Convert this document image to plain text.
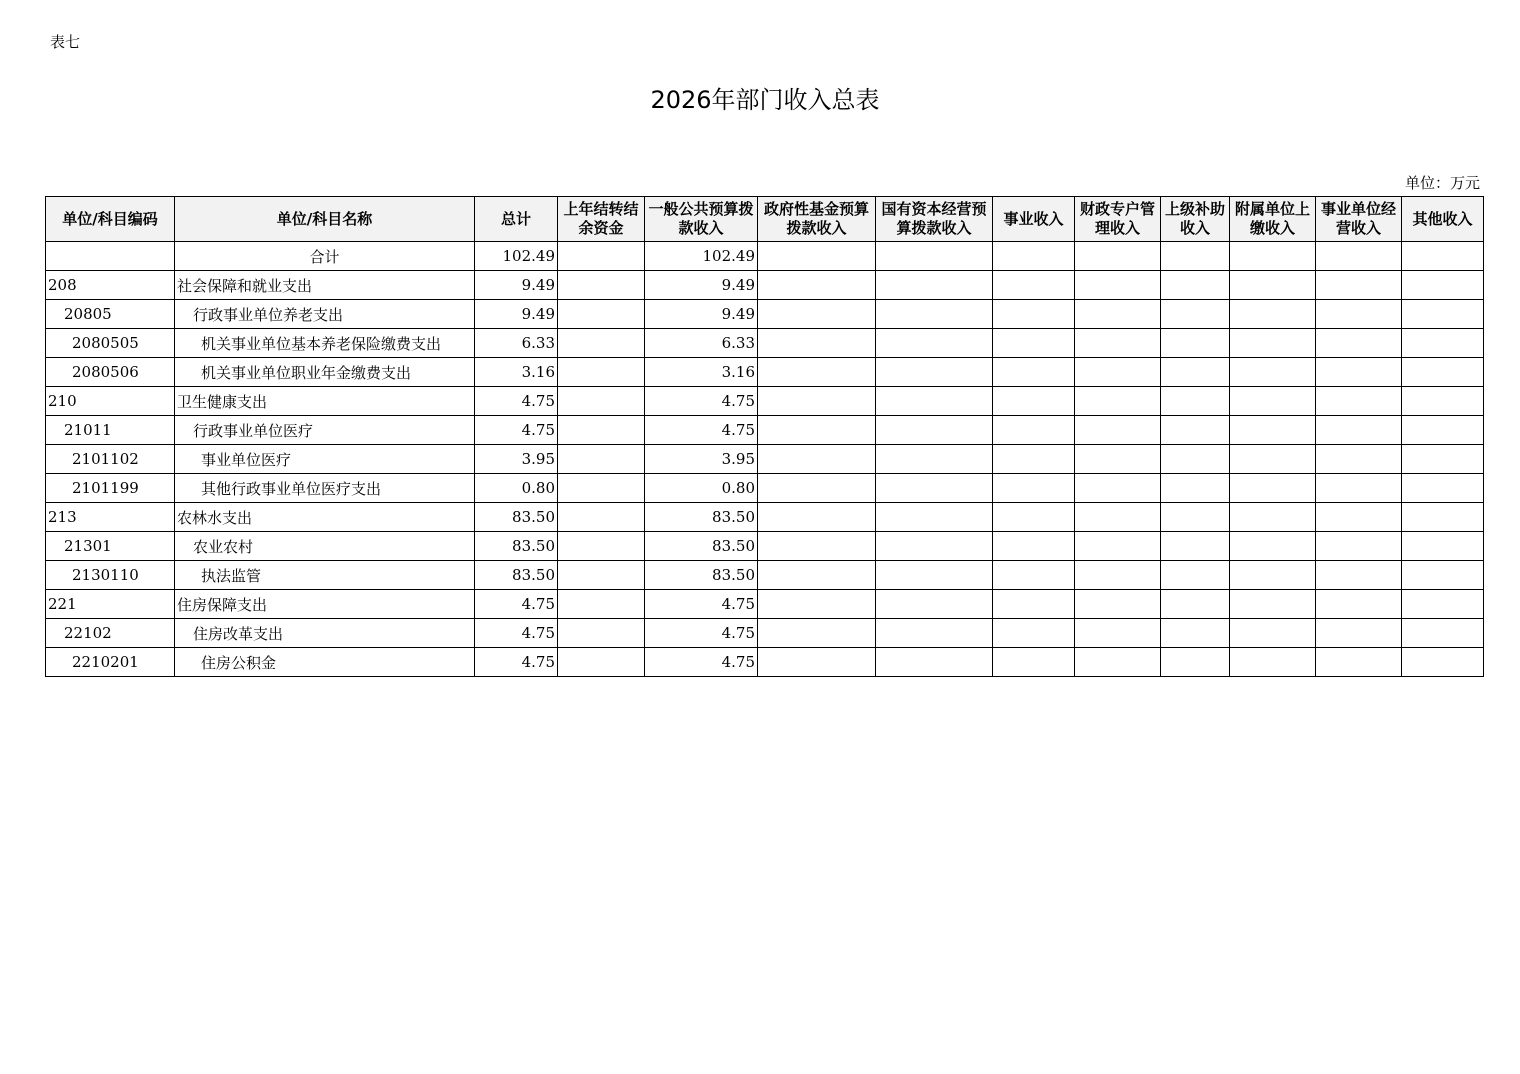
表七
2026年部门收入总表
单位：万元
单位/科目编码	单位/科目名称	总计	上年结转结余资金	一般公共预算拨款收入	政府性基金预算拨款收入	国有资本经营预算拨款收入	事业收入	财政专户管理收入	上级补助收入	附属单位上缴收入	事业单位经营收入	其他收入
	合计	102.49		102.49								
208	社会保障和就业支出	9.49		9.49								
20805	行政事业单位养老支出	9.49		9.49								
2080505	机关事业单位基本养老保险缴费支出	6.33		6.33								
2080506	机关事业单位职业年金缴费支出	3.16		3.16								
210	卫生健康支出	4.75		4.75								
21011	行政事业单位医疗	4.75		4.75								
2101102	事业单位医疗	3.95		3.95								
2101199	其他行政事业单位医疗支出	0.80		0.80								
213	农林水支出	83.50		83.50								
21301	农业农村	83.50		83.50								
2130110	执法监管	83.50		83.50								
221	住房保障支出	4.75		4.75								
22102	住房改革支出	4.75		4.75								
2210201	住房公积金	4.75		4.75								
